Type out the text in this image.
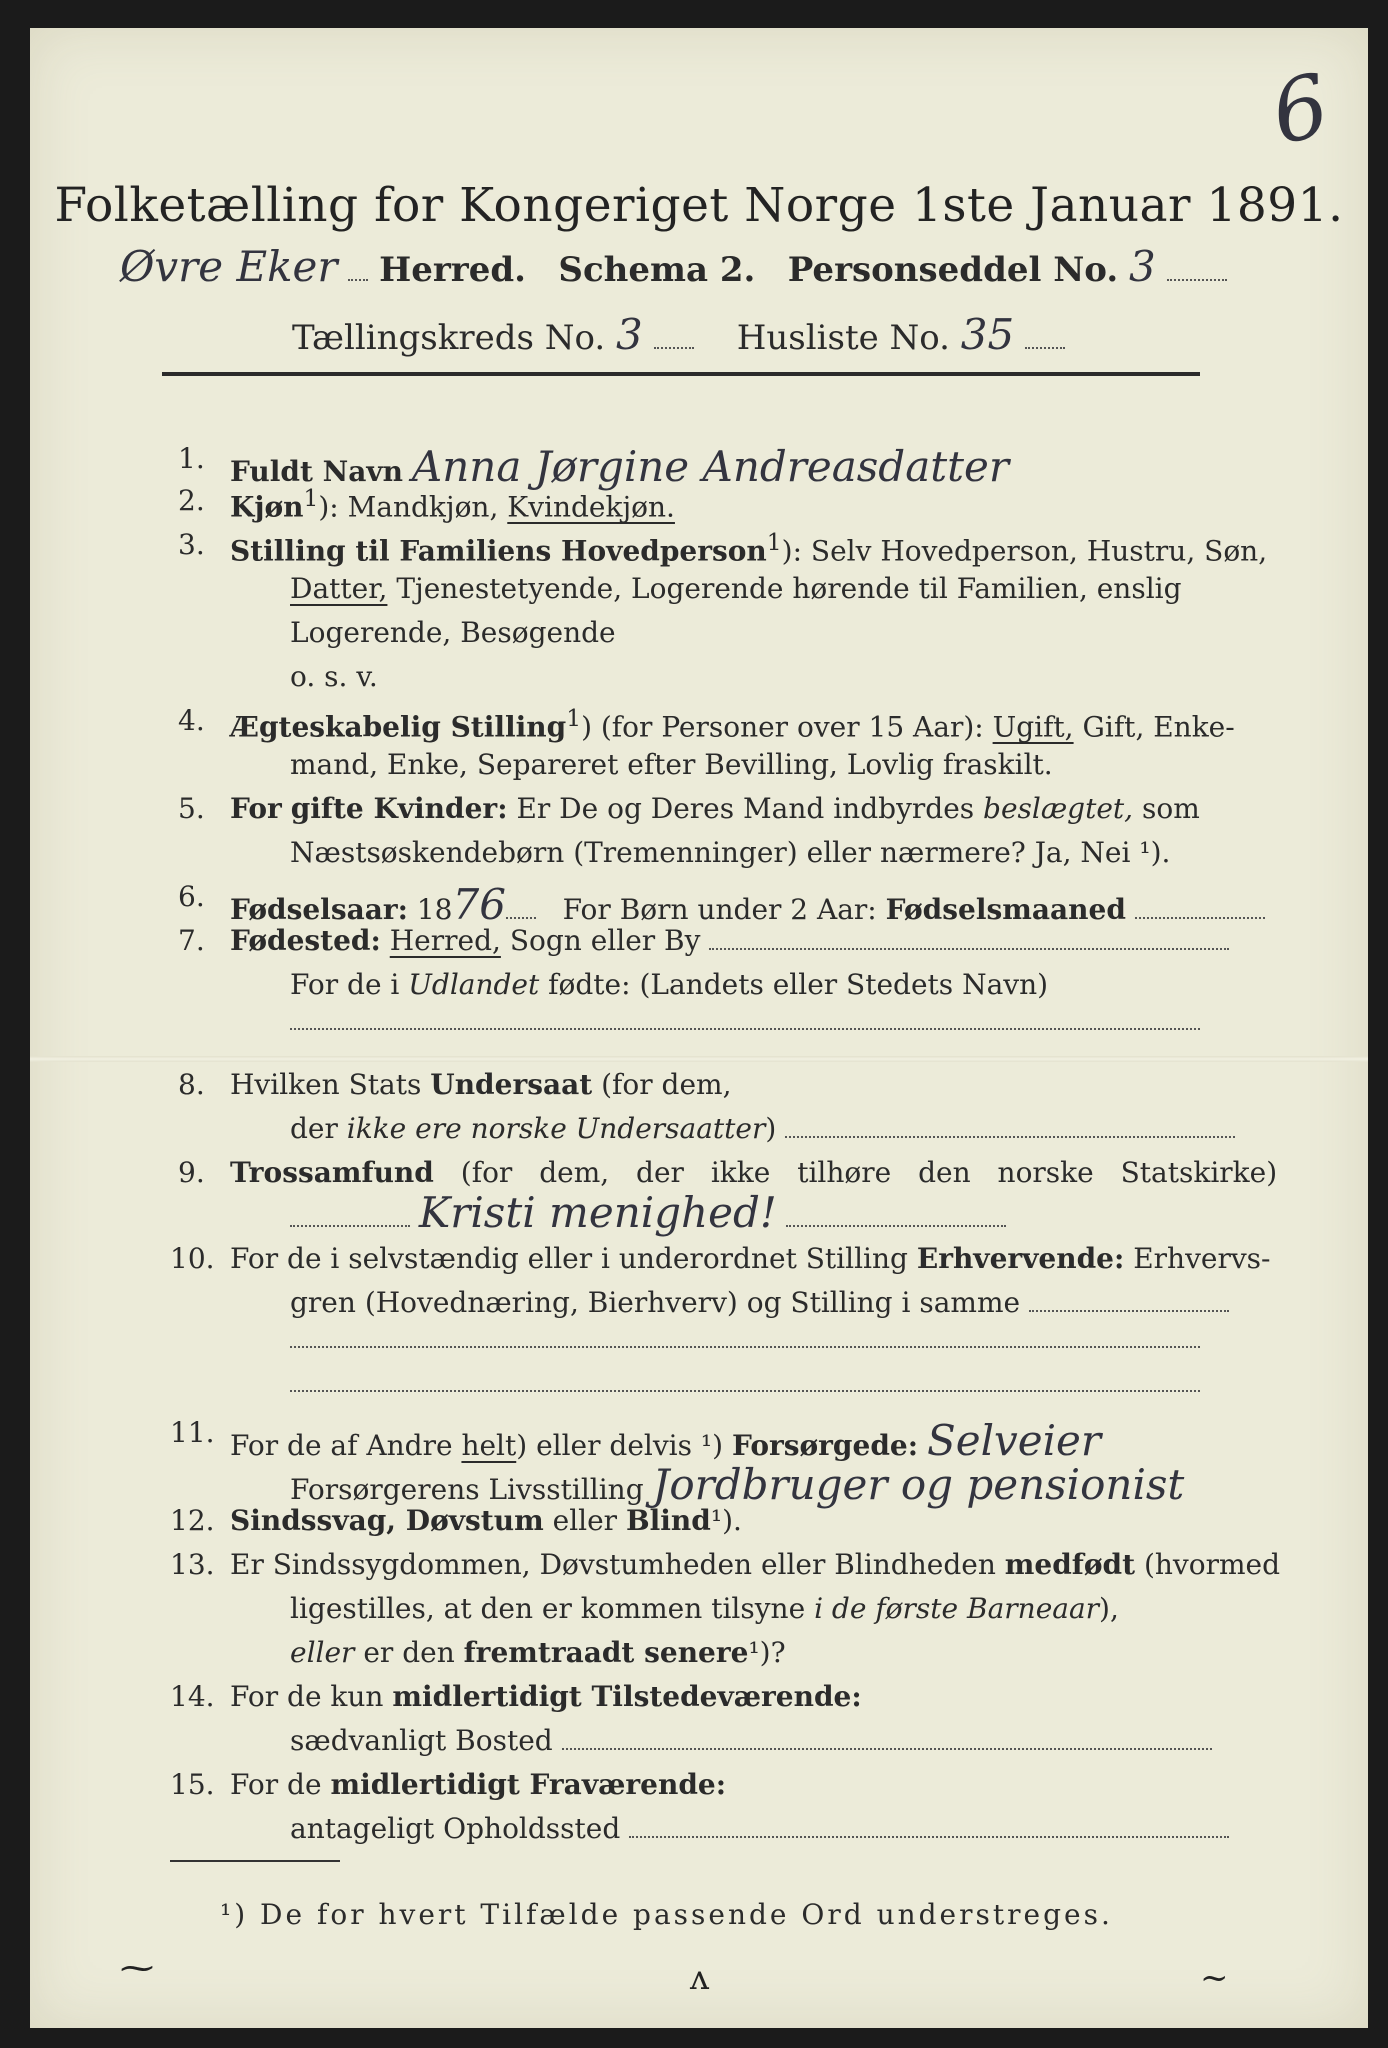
6
Folketælling for Kongeriget Norge 1ste Januar 1891.
Øvre Eker Herred. Schema 2. Personseddel No. 3
Tællingskreds No. 3	Husliste No. 35
1. Fuldt Navn Anna Jørgine Andreasdatter
2. Kjøn$^1$): Mandkjøn, Kvindekjøn.
3. Stilling til Familiens Hovedperson$^1$): Selv Hovedperson, Hustru, Søn,
Datter, Tjenestetyende, Logerende hørende til Familien, enslig
Logerende, Besøgende
o. s. v.
4. Ægteskabelig Stilling$^1$) (for Personer over 15 Aar): Ugift, Gift, Enke-
mand, Enke, Separeret efter Bevilling, Lovlig fraskilt.
5. For gifte Kvinder: Er De og Deres Mand indbyrdes beslægtet, som
Næstsøskendebørn (Tremenninger) eller nærmere? Ja, Nei ¹).
6. Fødselsaar: 1876 For Børn under 2 Aar: Fødselsmaaned
7. Fødested: Herred, Sogn eller By
For de i Udlandet fødte: (Landets eller Stedets Navn)
8. Hvilken Stats Undersaat (for dem,
der ikke ere norske Undersaatter)
9. Trossamfund (for dem, der ikke tilhøre den norske Statskirke)
Kristi menighed!
10. For de i selvstændig eller i underordnet Stilling Erhvervende: Erhvervs-
gren (Hovednæring, Bierhverv) og Stilling i samme
11. For de af Andre helt) eller delvis ¹) Forsørgede: Selveier
Forsørgerens Livsstilling Jordbruger og pensionist
12. Sindssvag, Døvstum eller Blind¹).
13. Er Sindssygdommen, Døvstumheden eller Blindheden medfødt (hvormed
ligestilles, at den er kommen tilsyne i de første Barneaar),
eller er den fremtraadt senere¹)?
14. For de kun midlertidigt Tilstedeværende:
sædvanligt Bosted
15. For de midlertidigt Fraværende:
antageligt Opholdssted
¹) De for hvert Tilfælde passende Ord understreges.
⁓	ʌ	~
